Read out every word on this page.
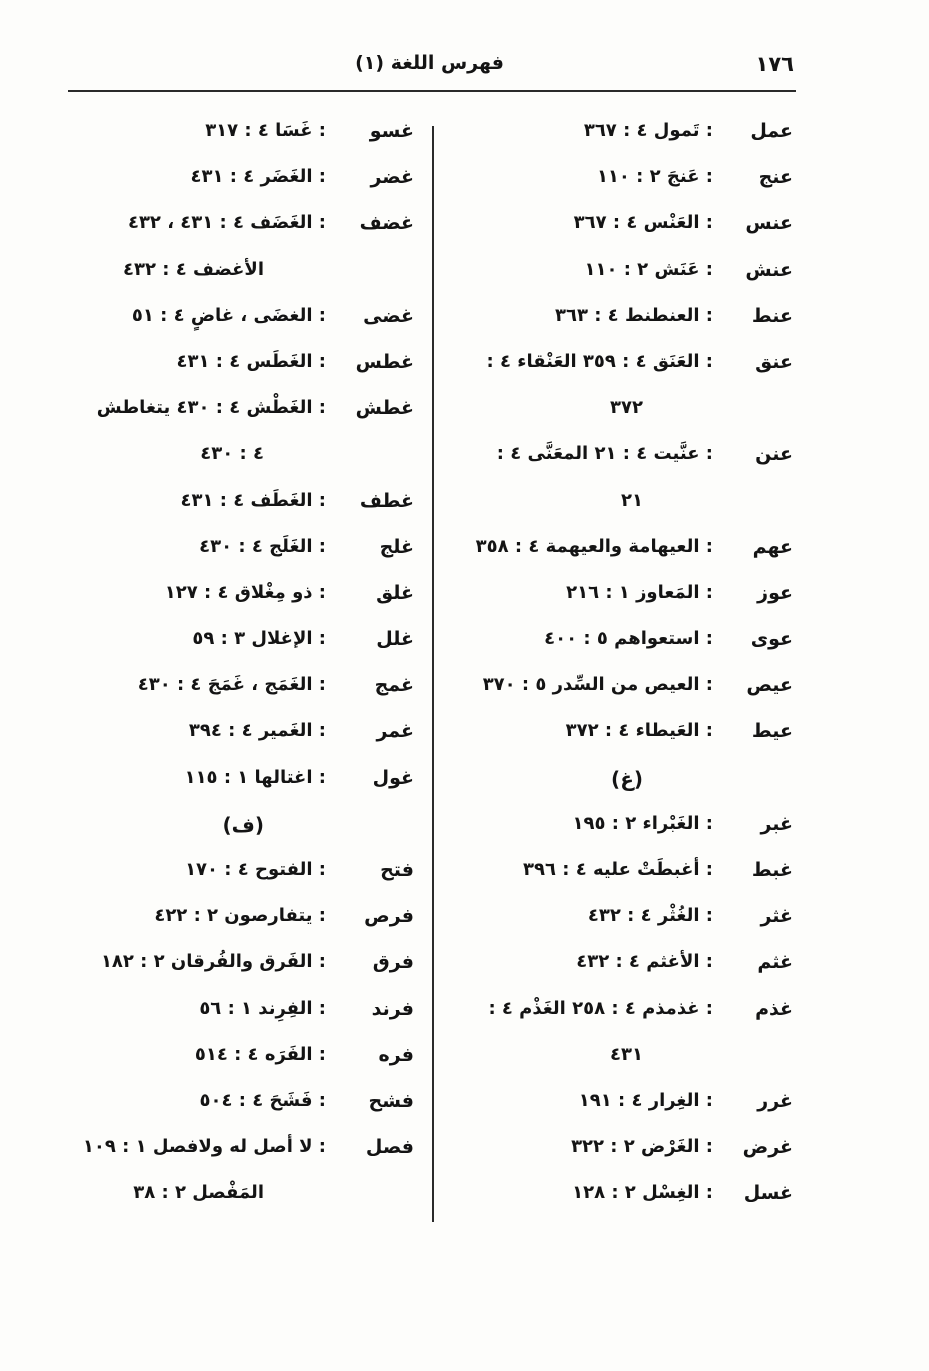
١٧٦
فهرس اللغة (١)
عمل
: تَمول ٤ : ٣٦٧
عنج
: عَنجَ ٢ : ١١٠
عنس
: العَنْس ٤ : ٣٦٧
عنش
: عَنَش ٢ : ١١٠
عنط
: العنطنط ٤ : ٣٦٣
عنق
: العَنَق ٤ : ٣٥٩ العَنْقاء ٤ :
٣٧٢
عنن
: عنَّيت ٤ : ٢١ المعَنَّى ٤ :
٢١
عهم
: العيهامة والعيهمة ٤ : ٣٥٨
عوز
: المَعاوز ١ : ٢١٦
عوى
: استعواهم ٥ : ٤٠٠
عيص
: العيص من السِّدر ٥ : ٣٧٠
عيط
: العَيطاء ٤ : ٣٧٢
(غ)
غبر
: الغَبْراء ٢ : ١٩٥
غبط
: أغبطَتْ عليه ٤ : ٣٩٦
غثر
: الغُثْر ٤ : ٤٣٢
غثم
: الأغثم ٤ : ٤٣٢
غذم
: غذمذم ٤ : ٢٥٨ الغَذْم ٤ :
٤٣١
غرر
: الغِرار ٤ : ١٩١
غرض
: الغَرْض ٢ : ٣٢٢
غسل
: الغِسْل ٢ : ١٢٨
غسو
: غَسَا ٤ : ٣١٧
غضر
: الغَضَر ٤ : ٤٣١
غضف
: الغَضَف ٤ : ٤٣١ ، ٤٣٢
الأغضف ٤ : ٤٣٢
غضى
: الغضَى ، غاضٍ ٤ : ٥١
غطس
: الغَطَس ٤ : ٤٣١
غطش
: الغَطْش ٤ : ٤٣٠ يتغاطش
٤ : ٤٣٠
غطف
: الغَطَف ٤ : ٤٣١
غلج
: الغَلَج ٤ : ٤٣٠
غلق
: ذو مِغْلاق ٤ : ١٢٧
غلل
: الإغلال ٣ : ٥٩
غمج
: الغَمَج ، غَمَجَ ٤ : ٤٣٠
غمر
: الغَمير ٤ : ٣٩٤
غول
: اغتالها ١ : ١١٥
(ف)
فتح
: الفتوح ٤ : ١٧٠
فرص
: يتفارصون ٢ : ٤٢٢
فرق
: الفَرق والفُرقان ٢ : ١٨٢
فرند
: الفِرِند ١ : ٥٦
فره
: الفَرَه ٤ : ٥١٤
فشح
: فَشَحَ ٤ : ٥٠٤
فصل
: لا أصل له ولافصل ١ : ١٠٩
المَفْصل ٢ : ٣٨
